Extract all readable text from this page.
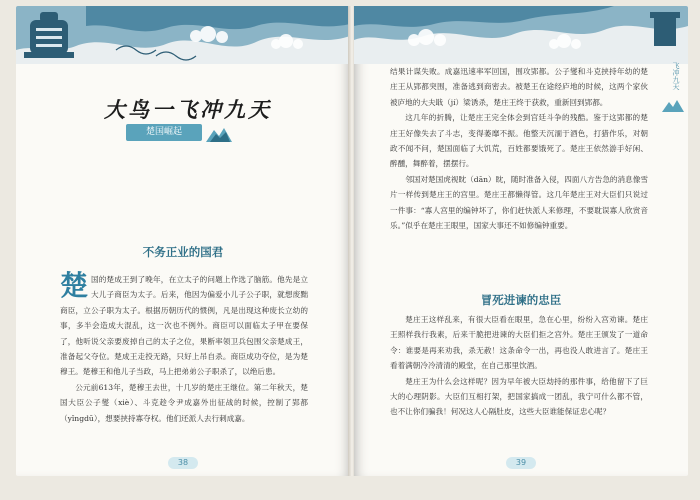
大鸟一飞冲九天
楚国崛起
不务正业的国君
楚 国的楚成王到了晚年，在立太子的问题上作选了脑筋。他先是立大儿子商臣为太子。后来，他因为偏爱小儿子公子职，就想废黜商臣，立公子职为太子。根据历朝历代的惯例，凡是出现这种废长立幼的事，多半会造成大混乱，这一次也不例外。商臣可以面临太子甲在要保了，他听说父亲要废掉自己的太子之位，果断率领卫兵包围父亲楚成王，准备起父夺位。楚成王走投无路，只好上吊自杀。商臣成功夺位，是为楚穆王。楚穆王和他儿子当政，马上把弟弟公子职杀了，以绝后患。

公元前613年，楚穆王去世，十几岁的楚庄王继位。第二年秋天，楚国大臣公子燮（xiè）、斗克趁令尹成嘉外出征战的时候，控制了郢都（yǐngdū），想要挟持寡夺权。他们还派人去行刺成嘉。

38
飞冲九天

结果计谋失败。成嘉迅速率军回国，围攻郢都。公子燮和斗克挟持年幼的楚庄王从郢都突围，准备逃到商密去。被楚王在途经庐地的时候，这两个家伙被庐地的大夫戢（jí）梁诱杀，楚庄王终于获救，重新回到郢都。

这几年的折腾，让楚庄王完全体会到宫廷斗争的残酷。鉴于这郢都的楚庄王好像失去了斗志，变得萎靡不振。他整天沉湎于酒色，打猎作乐，对朝政不闻不问，楚国面临了大饥荒，百姓都要饿死了。楚庄王依然游手好闲、醉醺，舞醉着，摆摆行。

邻国对楚国虎视眈（dān）眈，随时准备入侵，四面八方告急的消息像雪片一样传到楚庄王的宫里。楚庄王都懒得管。这几年楚庄王对大臣们只说过一件事：“寡人宫里的编钟坏了，你们赶快派人来修理，不要耽误寡人欣赏音乐。”似乎在楚庄王眼里，国家大事还不如修编钟重要。

冒死进谏的忠臣

楚庄王这样乱来，有很大臣看在眼里，急在心里，纷纷入宫劝谏。楚庄王照样我行我素，后来干脆把进谏的大臣们拒之宫外。楚庄王颁发了一道命令：谁要是再来劝我，杀无赦！这条命令一出，再也没人敢进言了。楚庄王看着满朝冷冷清清的殿堂，在自己那里饮酒。

楚庄王为什么会这样呢？因为早年被大臣劫持的那件事，给他留下了巨大的心理阴影。大臣们互相打架，把国家搞成一团乱，我宁可什么都不管，也不让你们骗我！何况这人心隔肚皮，这些大臣谁能保证忠心呢？

39
